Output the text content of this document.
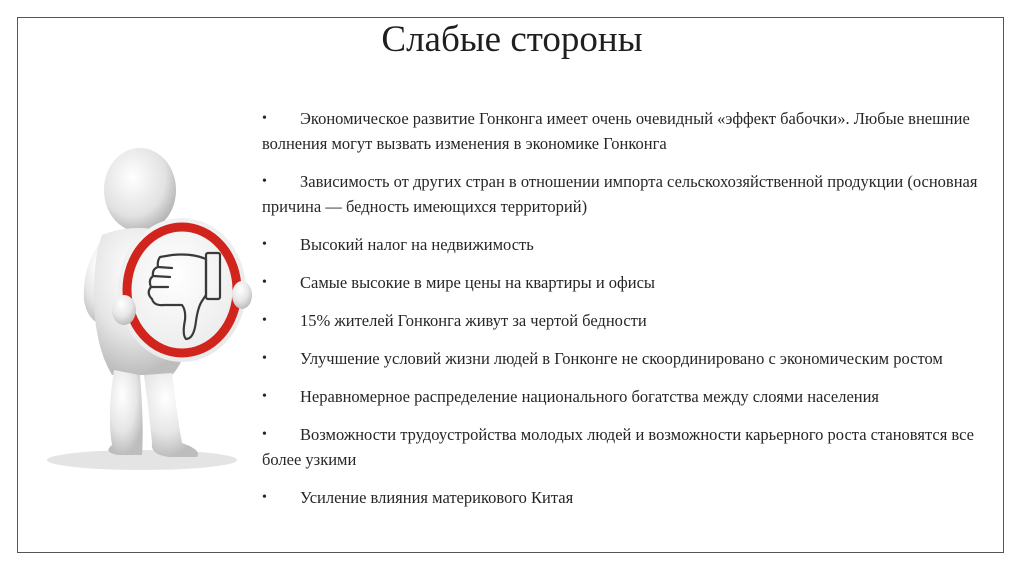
Слабые стороны
• Экономическое развитие Гонконга имеет очень очевидный «эффект бабочки». Любые внешние волнения могут вызвать изменения в экономике Гонконга
• Зависимость от других стран в отношении импорта сельскохозяйственной продукции (основная причина — бедность имеющихся территорий)
• Высокий налог на недвижимость
• Самые высокие в мире цены на квартиры и офисы
• 15% жителей Гонконга живут за чертой бедности
• Улучшение условий жизни людей в Гонконге не скоординировано с экономическим ростом
• Неравномерное распределение национального богатства между слоями населения
• Возможности трудоустройства молодых людей и возможности карьерного роста становятся все более узкими
• Усиление влияния материкового Китая
